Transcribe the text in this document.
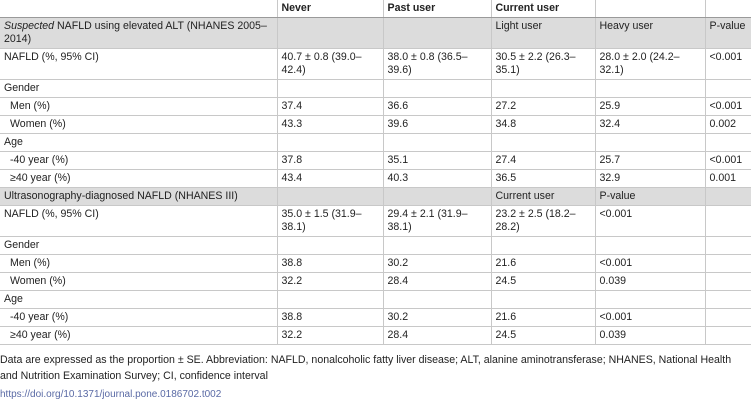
	Never	Past user	Current user		
Suspected NAFLD using elevated ALT (NHANES 2005–2014)			Light user	Heavy user	P-value
NAFLD (%, 95% CI)	40.7 ± 0.8 (39.0–42.4)	38.0 ± 0.8 (36.5–39.6)	30.5 ± 2.2 (26.3–35.1)	28.0 ± 2.0 (24.2–32.1)	<0.001
Gender					
Men (%)	37.4	36.6	27.2	25.9	<0.001
Women (%)	43.3	39.6	34.8	32.4	0.002
Age					
-40 year (%)	37.8	35.1	27.4	25.7	<0.001
≥40 year (%)	43.4	40.3	36.5	32.9	0.001
Ultrasonography-diagnosed NAFLD (NHANES III)			Current user	P-value	
NAFLD (%, 95% CI)	35.0 ± 1.5 (31.9–38.1)	29.4 ± 2.1 (31.9–38.1)	23.2 ± 2.5 (18.2–28.2)	<0.001	
Gender					
Men (%)	38.8	30.2	21.6	<0.001	
Women (%)	32.2	28.4	24.5	0.039	
Age					
-40 year (%)	38.8	30.2	21.6	<0.001	
≥40 year (%)	32.2	28.4	24.5	0.039	
Data are expressed as the proportion ± SE. Abbreviation: NAFLD, nonalcoholic fatty liver disease; ALT, alanine aminotransferase; NHANES, National Health and Nutrition Examination Survey; CI, confidence interval
https://doi.org/10.1371/journal.pone.0186702.t002
